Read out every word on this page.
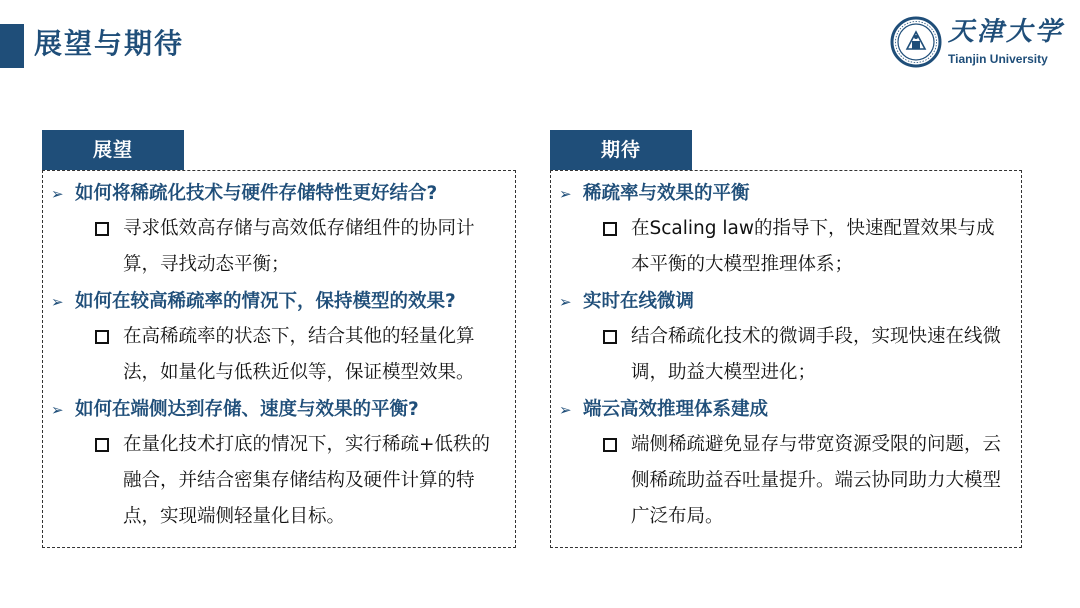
展望与期待	天津大学
Tianjin University
展望
➢ 如何将稀疏化技术与硬件存储特性更好结合?
寻求低效高存储与高效低存储组件的协同计算，寻找动态平衡；
➢ 如何在较高稀疏率的情况下，保持模型的效果?
在高稀疏率的状态下，结合其他的轻量化算法，如量化与低秩近似等，保证模型效果。
➢ 如何在端侧达到存储、速度与效果的平衡?
在量化技术打底的情况下，实行稀疏+低秩的融合，并结合密集存储结构及硬件计算的特点，实现端侧轻量化目标。
期待
➢ 稀疏率与效果的平衡
在Scaling law的指导下，快速配置效果与成本平衡的大模型推理体系；
➢ 实时在线微调
结合稀疏化技术的微调手段，实现快速在线微调，助益大模型进化；
➢ 端云高效推理体系建成
端侧稀疏避免显存与带宽资源受限的问题，云侧稀疏助益吞吐量提升。端云协同助力大模型广泛布局。
